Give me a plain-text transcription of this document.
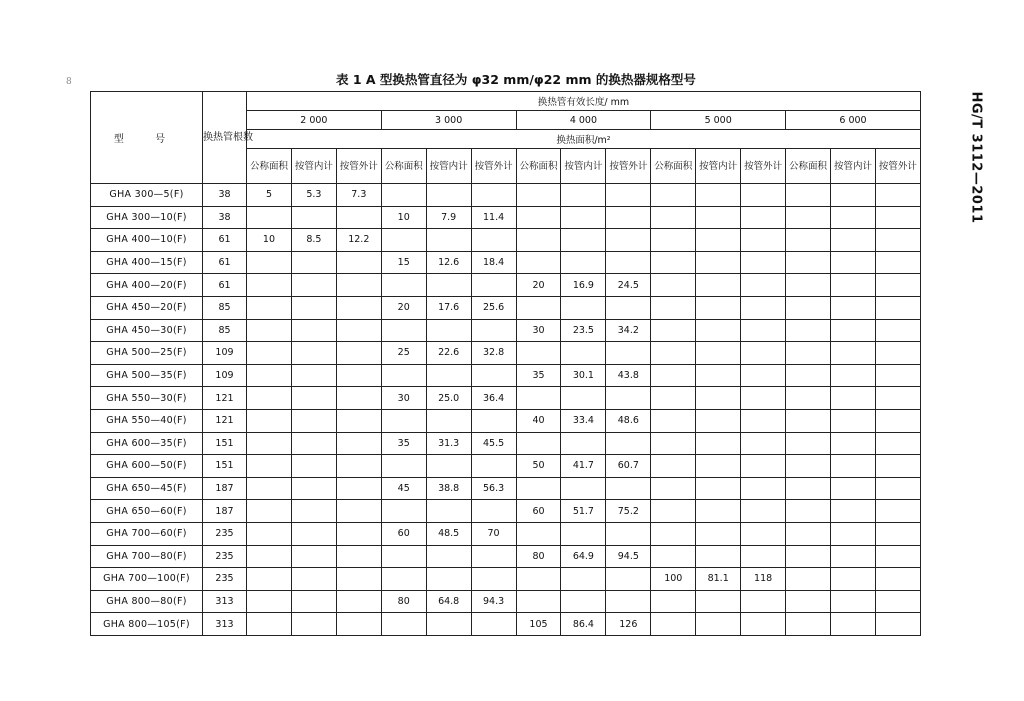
8
HG/T 3112—2011
表 1 A 型换热管直径为 φ32 mm/φ22 mm 的换热器规格型号
型 号	换热管根数	换热管有效长度/ mm														
		2 000			3 000			4 000			5 000			6 000		
		换热面积/m²														
		公称面积	按管内计	按管外计	公称面积	按管内计	按管外计	公称面积	按管内计	按管外计	公称面积	按管内计	按管外计	公称面积	按管内计	按管外计
GHA 300—5(F)	38	5	5.3	7.3												
GHA 300—10(F)	38				10	7.9	11.4									
GHA 400—10(F)	61	10	8.5	12.2												
GHA 400—15(F)	61				15	12.6	18.4									
GHA 400—20(F)	61							20	16.9	24.5						
GHA 450—20(F)	85				20	17.6	25.6									
GHA 450—30(F)	85							30	23.5	34.2						
GHA 500—25(F)	109				25	22.6	32.8									
GHA 500—35(F)	109							35	30.1	43.8						
GHA 550—30(F)	121				30	25.0	36.4									
GHA 550—40(F)	121							40	33.4	48.6						
GHA 600—35(F)	151				35	31.3	45.5									
GHA 600—50(F)	151							50	41.7	60.7						
GHA 650—45(F)	187				45	38.8	56.3									
GHA 650—60(F)	187							60	51.7	75.2						
GHA 700—60(F)	235				60	48.5	70									
GHA 700—80(F)	235							80	64.9	94.5						
GHA 700—100(F)	235										100	81.1	118			
GHA 800—80(F)	313				80	64.8	94.3									
GHA 800—105(F)	313							105	86.4	126						
